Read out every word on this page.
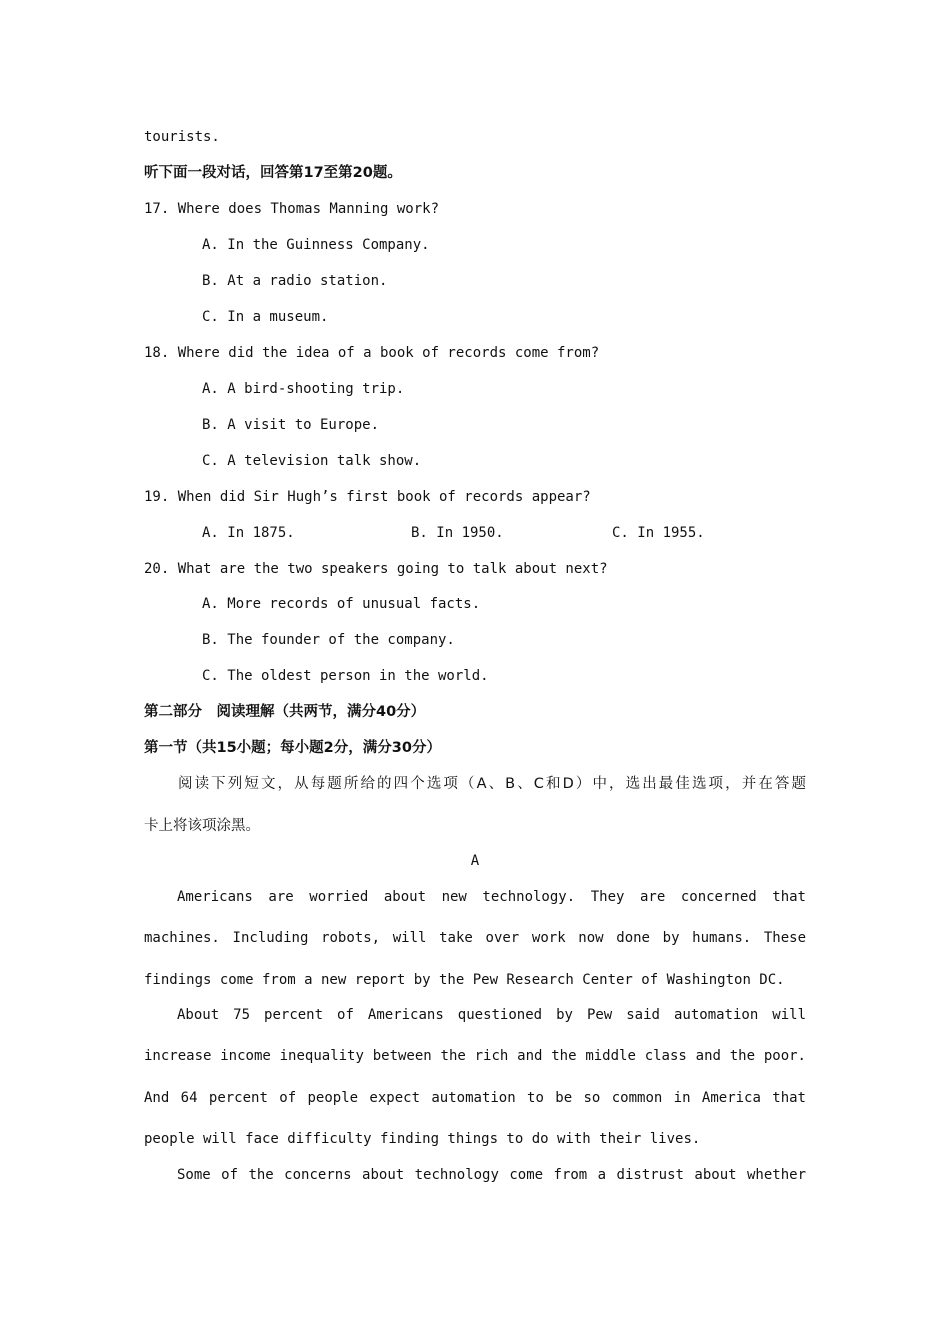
tourists.
听下面一段对话，回答第17至第20题。
17. Where does Thomas Manning work?
A. In the Guinness Company.
B. At a radio station.
C. In a museum.
18. Where did the idea of a book of records come from?
A. A bird-shooting trip.
B. A visit to Europe.
C. A television talk show.
19. When did Sir Hugh’s first book of records appear?
A. In 1875.	B. In 1950.	C. In 1955.
20. What are the two speakers going to talk about next?
A. More records of unusual facts.
B. The founder of the company.
C. The oldest person in the world.
第二部分　阅读理解（共两节，满分40分）
第一节（共15小题；每小题2分，满分30分）
阅读下列短文，从每题所给的四个选项（A、B、C和D）中，选出最佳选项，并在答题
卡上将该项涂黑。
A
Americans are worried about new technology. They are concerned that
machines. Including robots, will take over work now done by humans. These
findings come from a new report by the Pew Research Center of Washington DC.
About 75 percent of Americans questioned by Pew said automation will
increase income inequality between the rich and the middle class and the poor.
And 64 percent of people expect automation to be so common in America that
people will face difficulty finding things to do with their lives.
Some of the concerns about technology come from a distrust about whether
